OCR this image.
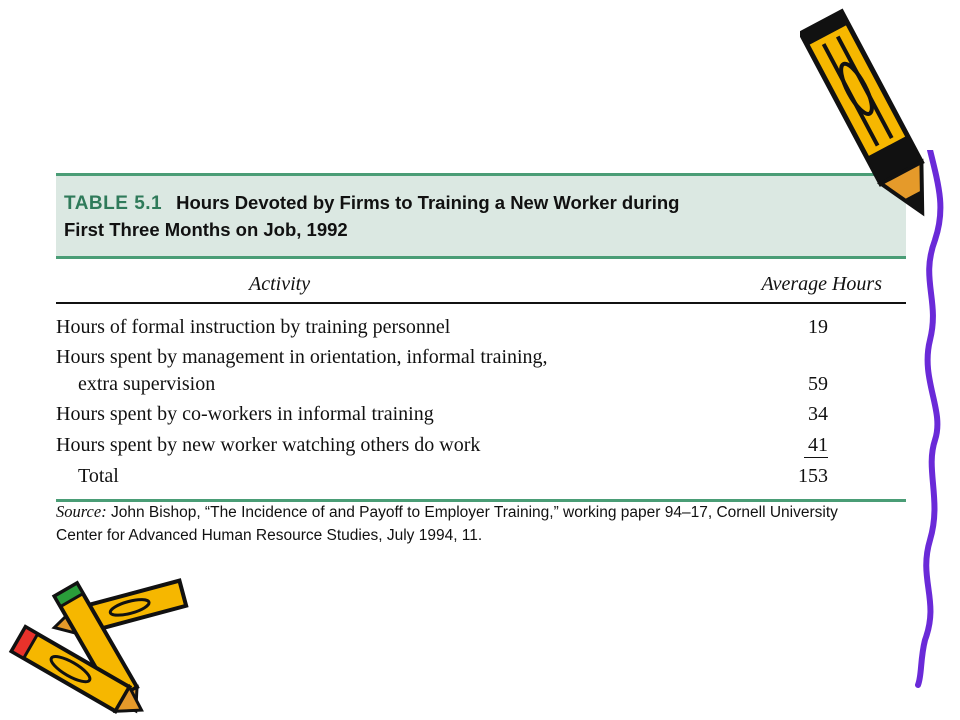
TABLE 5.1 Hours Devoted by Firms to Training a New Worker during
First Three Months on Job, 1992
Activity	Average Hours
Hours of formal instruction by training personnel	19
Hours spent by management in orientation, informal training,
extra supervision	59
Hours spent by co-workers in informal training	34
Hours spent by new worker watching others do work	41
Total	153
Source: John Bishop, “The Incidence of and Payoff to Employer Training,” working paper 94–17, Cornell University
Center for Advanced Human Resource Studies, July 1994, 11.
